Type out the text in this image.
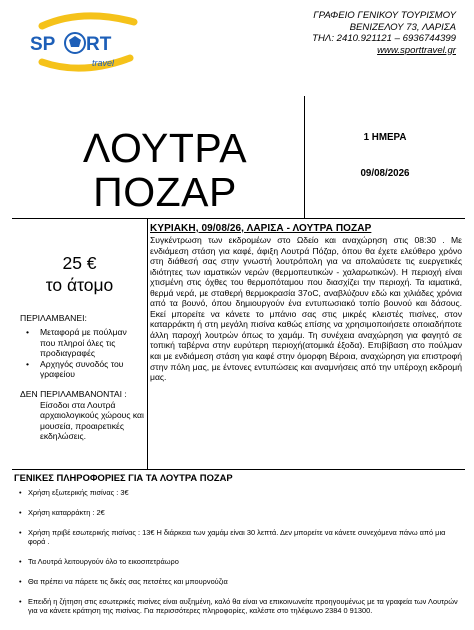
SP RT
travel
ΓΡΑΦΕΙΟ ΓΕΝΙΚΟΥ ΤΟΥΡΙΣΜΟΥ
ΒΕΝΙΖΕΛΟΥ 73, ΛΑΡΙΣΑ
ΤΗΛ: 2410.921121 – 6936744399
www.sporttravel.gr
ΛΟΥΤΡΑ
ΠΟΖΑΡ
1 ΗΜΕΡΑ
09/08/2026
25 €
το άτομο
ΠΕΡΙΛΑΜΒΑΝΕΙ:
• Μεταφορά με πούλμαν που πληροί όλες τις προδιαγραφές
• Αρχηγός συνοδός του γραφείου
ΔΕΝ ΠΕΡΙΛΑΜΒΑΝΟΝΤΑΙ :
Είσοδοι στα Λουτρά αρχαιολογικούς χώρους και μουσεία, προαιρετικές εκδηλώσεις.
ΚΥΡΙΑΚΗ, 09/08/26, ΛΑΡΙΣΑ - ΛΟΥΤΡΑ ΠΟΖΑΡ
Συγκέντρωση των εκδρομέων στο Ωδείο και αναχώρηση στις 08:30 . Με ενδιάμεση στάση για καφέ, άφιξη Λουτρά Πόζαρ, όπου θα έχετε ελεύθερο χρόνο στη διάθεσή σας στην γνωστή λουτρόπολη για να απολαύσετε τις ευεργετικές ιδιότητες των ιαματικών νερών (θερμοπευτικών - χαλαρωτικών). Η περιοχή είναι χτισμένη στις όχθες του θερμοπόταμου που διασχίζει την περιοχή. Τα ιαματικά, θερμά νερά, με σταθερή θερμοκρασία 37oC, αναβλύζουν εδώ και χιλιάδες χρόνια από τα βουνό, όπου δημιουργούν ένα εντυπωσιακό τοπίο βουνού και δάσους. Εκεί μπορείτε να κάνετε το μπάνιο σας στις μικρές κλειστές πισίνες, στον καταρράκτη ή στη μεγάλη πισίνα καθώς επίσης να χρησιμοποιήσετε οποιαδήποτε άλλη παροχή λουτρών όπως το χαμάμ. Τη συνέχεια αναχώρηση για φαγητό σε τοπική ταβέρνα στην ευρύτερη περιοχή(ατομικά έξοδα). Επιβίβαση στο πούλμαν και με ενδιάμεση στάση για καφέ στην όμορφη Βέροια, αναχώρηση για επιστροφή στην πόλη μας, με έντονες εντυπώσεις και αναμνήσεις από την υπέροχη εκδρομή μας.
ΓΕΝΙΚΕΣ ΠΛΗΡΟΦΟΡΙΕΣ ΓΙΑ ΤΑ ΛΟΥΤΡΑ ΠΟΖΑΡ
• Χρήση εξωτερικής πισίνας : 3€
• Χρήση καταρράκτη : 2€
• Χρήση πριβέ εσωτερικής πισίνας : 13€ Η διάρκεια των χαμάμ είναι 30 λεπτά. Δεν μπορείτε να κάνετε συνεχόμενα πάνω από μια φορά .
• Τα Λουτρά λειτουργούν όλο το εικοσιτετράωρο
• Θα πρέπει να πάρετε τις δικές σας πετσέτες και μπουρνούζια
• Επειδή η ζήτηση στις εσωτερικές πισίνες είναι αυξημένη, καλό θα είναι να επικοινωνείτε προηγουμένως με τα γραφεία των Λουτρών για να κάνετε κράτηση της πισίνας. Για περισσότερες πληροφορίες, καλέστε στο τηλέφωνο 2384 0 91300.
